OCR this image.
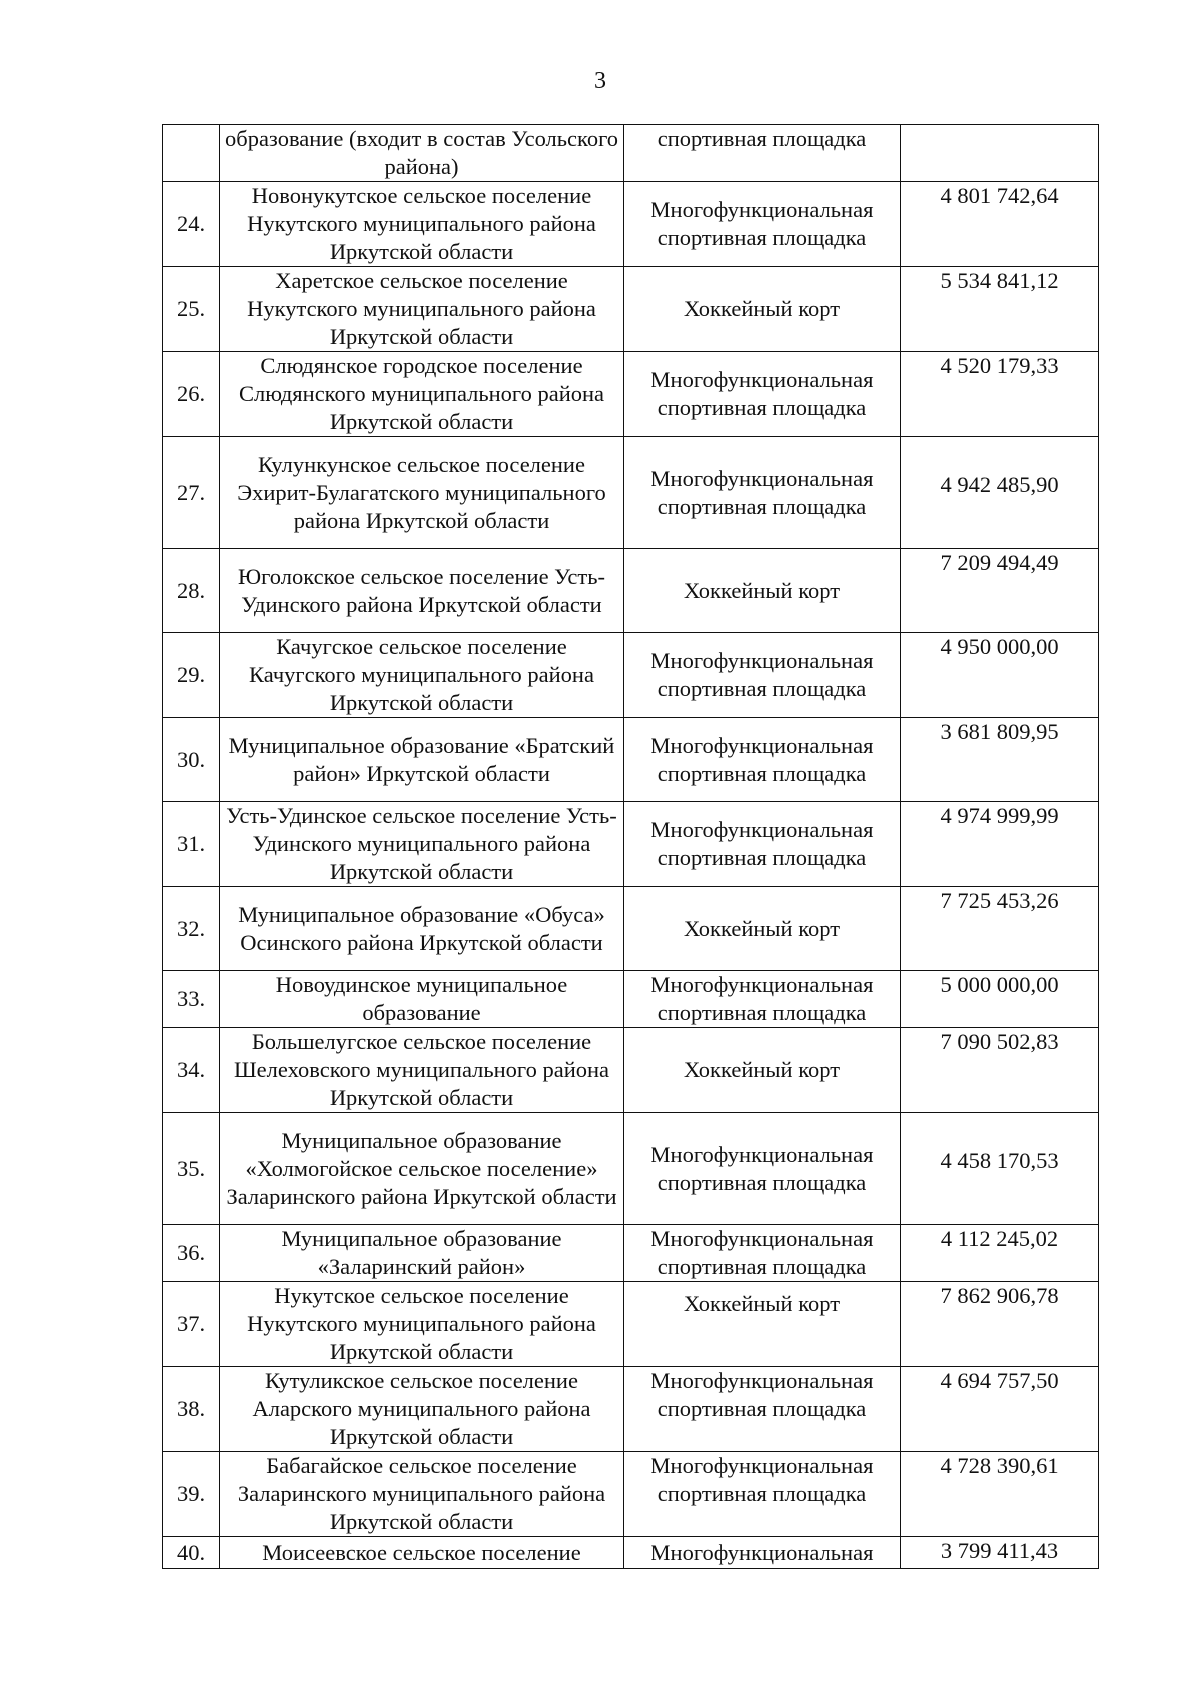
3
	образование (входит в состав Усольского района)	спортивная площадка	
24.	Новонукутское сельское поселение Нукутского муниципального района Иркутской области	Многофункциональная спортивная площадка	4 801 742,64
25.	Харетское сельское поселение Нукутского муниципального района Иркутской области	Хоккейный корт	5 534 841,12
26.	Слюдянское городское поселение Слюдянского муниципального района Иркутской области	Многофункциональная спортивная площадка	4 520 179,33
27.	Кулункунское сельское поселение Эхирит-Булагатского муниципального района Иркутской области	Многофункциональная спортивная площадка	4 942 485,90
28.	Юголокское сельское поселение Усть-Удинского района Иркутской области	Хоккейный корт	7 209 494,49
29.	Качугское сельское поселение Качугского муниципального района Иркутской области	Многофункциональная спортивная площадка	4 950 000,00
30.	Муниципальное образование «Братский район» Иркутской области	Многофункциональная спортивная площадка	3 681 809,95
31.	Усть-Удинское сельское поселение Усть-Удинского муниципального района Иркутской области	Многофункциональная спортивная площадка	4 974 999,99
32.	Муниципальное образование «Обуса» Осинского района Иркутской области	Хоккейный корт	7 725 453,26
33.	Новоудинское муниципальное образование	Многофункциональная спортивная площадка	5 000 000,00
34.	Большелугское сельское поселение Шелеховского муниципального района Иркутской области	Хоккейный корт	7 090 502,83
35.	Муниципальное образование «Холмогойское сельское поселение» Заларинского района Иркутской области	Многофункциональная спортивная площадка	4 458 170,53
36.	Муниципальное образование «Заларинский район»	Многофункциональная спортивная площадка	4 112 245,02
37.	Нукутское сельское поселение Нукутского муниципального района Иркутской области	Хоккейный корт	7 862 906,78
38.	Кутуликское сельское поселение Аларского муниципального района Иркутской области	Многофункциональная спортивная площадка	4 694 757,50
39.	Бабагайское сельское поселение Заларинского муниципального района Иркутской области	Многофункциональная спортивная площадка	4 728 390,61
40.	Моисеевское сельское поселение	Многофункциональная	3 799 411,43
